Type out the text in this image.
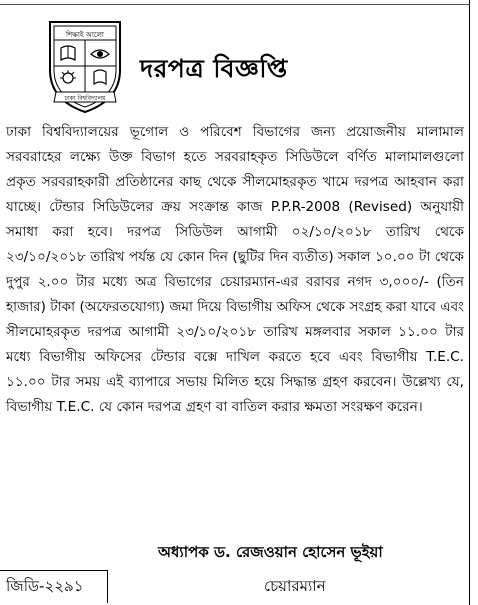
শিক্ষাই আলো
ঢাকা বিশ্ববিদ্যালয়
দরপত্র বিজ্ঞপ্তি

ঢাকা বিশ্ববিদ্যালয়ের ভূগোল ও পরিবেশ বিভাগের জন্য প্রয়োজনীয় মালামাল সরবরাহের লক্ষ্যে উক্ত বিভাগ হতে সরবরাহকৃত সিডিউলে বর্ণিত মালামালগুলো প্রকৃত সরবরাহকারী প্রতিষ্ঠানের কাছ থেকে সীলমোহরকৃত খামে দরপত্র আহবান করা যাচ্ছে। টেন্ডার সিডিউলের ক্রয় সংক্রান্ত কাজ P.P.R-2008 (Revised) অনুযায়ী সমাধা করা হবে। দরপত্র সিডিউল আগামী ০২/১০/২০১৮ তারিখ থেকে ২৩/১০/২০১৮ তারিখ পর্যন্ত যে কোন দিন (ছুটির দিন ব্যতীত) সকাল ১০.০০ টা থেকে দুপুর ২.০০ টার মধ্যে অত্র বিভাগের চেয়ারম্যান-এর বরাবর নগদ ৩,০০০/- (তিন হাজার) টাকা (অফেরতযোগ্য) জমা দিয়ে বিভাগীয় অফিস থেকে সংগ্রহ করা যাবে এবং সীলমোহরকৃত দরপত্র আগামী ২৩/১০/২০১৮ তারিখ মঙ্গলবার সকাল ১১.০০ টার মধ্যে বিভাগীয় অফিসের টেন্ডার বক্সে দাখিল করতে হবে এবং বিভাগীয় T.E.C. ১১.০০ টার সময় এই ব্যাপারে সভায় মিলিত হয়ে সিদ্ধান্ত গ্রহণ করবেন। উল্লেখ্য যে, বিভাগীয় T.E.C. যে কোন দরপত্র গ্রহণ বা বাতিল করার ক্ষমতা সংরক্ষণ করেন।

অধ্যাপক ড. রেজওয়ান হোসেন ভূইয়া
জিডি-২২৯১	চেয়ারম্যান
